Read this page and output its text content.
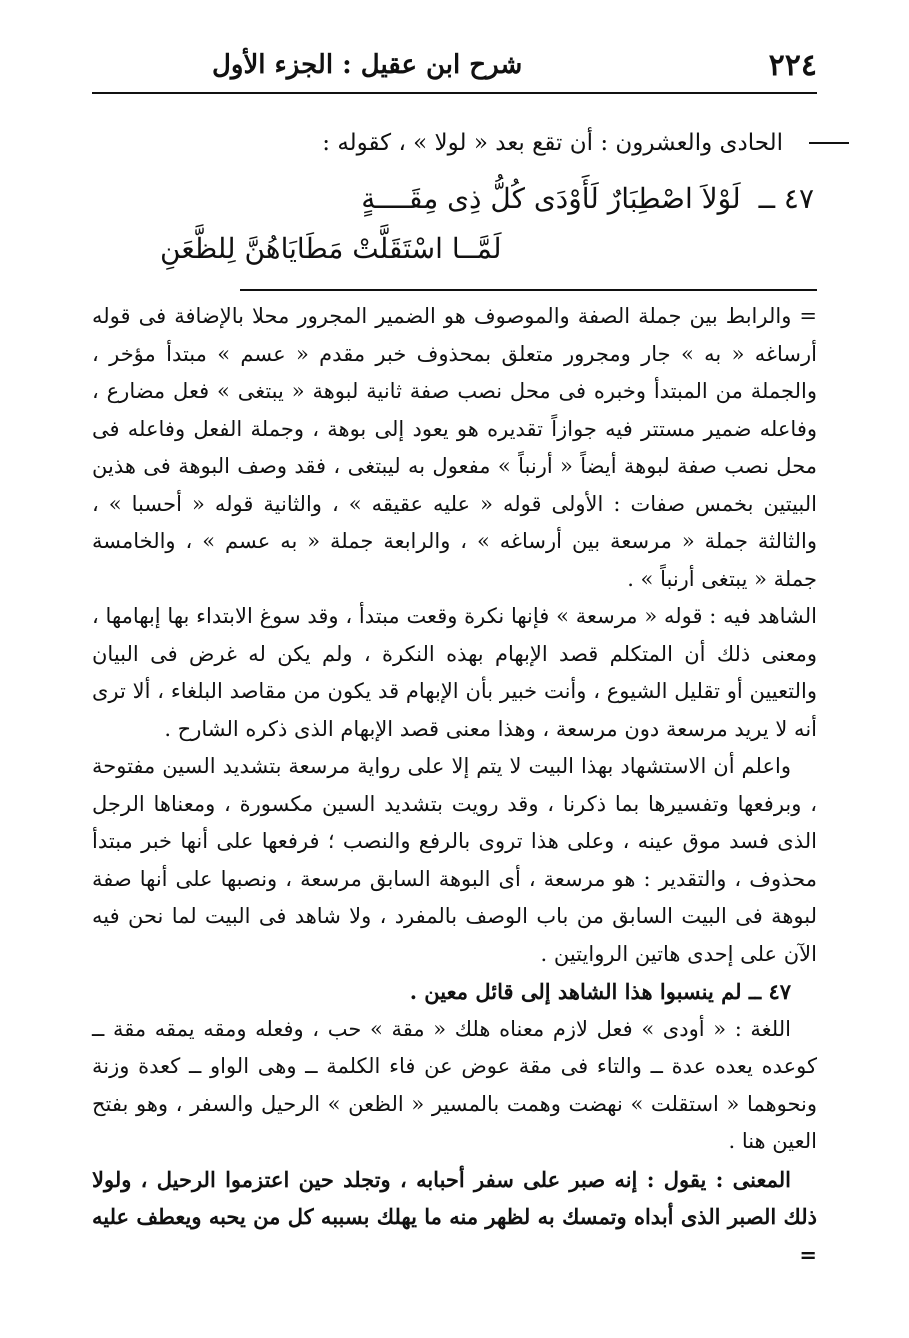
٢٢٤
شرح ابن عقيل : الجزء الأول
الحادى والعشرون : أن تقع بعد « لولا » ، كقوله :
٤٧ ــ
لَوْلاَ اصْطِبَارٌ لَأَوْدَى كُلُّ ذِى مِقَــــةٍ
لَمَّــا اسْتَقَلَّتْ مَطَايَاهُنَّ لِلظَّعَنِ

= والرابط بين جملة الصفة والموصوف هو الضمير المجرور محلا بالإضافة فى قوله أرساغه « به » جار ومجرور متعلق بمحذوف خبر مقدم « عسم » مبتدأ مؤخر ، والجملة من المبتدأ وخبره فى محل نصب صفة ثانية لبوهة « يبتغى » فعل مضارع ، وفاعله ضمير مستتر فيه جوازاً تقديره هو يعود إلى بوهة ، وجملة الفعل وفاعله فى محل نصب صفة لبوهة أيضاً « أرنباً » مفعول به ليبتغى ، فقد وصف البوهة فى هذين البيتين بخمس صفات : الأولى قوله « عليه عقيقه » ، والثانية قوله « أحسبا » ، والثالثة جملة « مرسعة بين أرساغه » ، والرابعة جملة « به عسم » ، والخامسة جملة « يبتغى أرنباً » .

الشاهد فيه : قوله « مرسعة » فإنها نكرة وقعت مبتدأ ، وقد سوغ الابتداء بها إبهامها ، ومعنى ذلك أن المتكلم قصد الإبهام بهذه النكرة ، ولم يكن له غرض فى البيان والتعيين أو تقليل الشيوع ، وأنت خبير بأن الإبهام قد يكون من مقاصد البلغاء ، ألا ترى أنه لا يريد مرسعة دون مرسعة ، وهذا معنى قصد الإبهام الذى ذكره الشارح .

واعلم أن الاستشهاد بهذا البيت لا يتم إلا على رواية مرسعة بتشديد السين مفتوحة ، وبرفعها وتفسيرها بما ذكرنا ، وقد رويت بتشديد السين مكسورة ، ومعناها الرجل الذى فسد موق عينه ، وعلى هذا تروى بالرفع والنصب ؛ فرفعها على أنها خبر مبتدأ محذوف ، والتقدير : هو مرسعة ، أى البوهة السابق مرسعة ، ونصبها على أنها صفة لبوهة فى البيت السابق من باب الوصف بالمفرد ، ولا شاهد فى البيت لما نحن فيه الآن على إحدى هاتين الروايتين .

٤٧ ــ لم ينسبوا هذا الشاهد إلى قائل معين .

اللغة : « أودى » فعل لازم معناه هلك « مقة » حب ، وفعله ومقه يمقه مقة ــ كوعده يعده عدة ــ والتاء فى مقة عوض عن فاء الكلمة ــ وهى الواو ــ كعدة وزنة ونحوهما « استقلت » نهضت وهمت بالمسير « الظعن » الرحيل والسفر ، وهو بفتح العين هنا .

المعنى : يقول : إنه صبر على سفر أحبابه ، وتجلد حين اعتزموا الرحيل ، ولولا ذلك الصبر الذى أبداه وتمسك به لظهر منه ما يهلك بسببه كل من يحبه ويعطف عليه =
